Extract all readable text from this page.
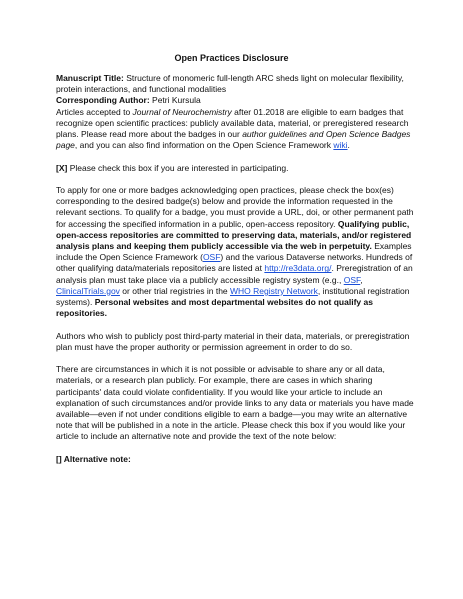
Open Practices Disclosure

Manuscript Title: Structure of monomeric full-length ARC sheds light on molecular flexibility, protein interactions, and functional modalities

Corresponding Author: Petri Kursula

Articles accepted to Journal of Neurochemistry after 01.2018 are eligible to earn badges that recognize open scientific practices: publicly available data, material, or preregistered research plans. Please read more about the badges in our author guidelines and Open Science Badges page, and you can also find information on the Open Science Framework wiki.

[X] Please check this box if you are interested in participating.

To apply for one or more badges acknowledging open practices, please check the box(es) corresponding to the desired badge(s) below and provide the information requested in the relevant sections. To qualify for a badge, you must provide a URL, doi, or other permanent path for accessing the specified information in a public, open-access repository. Qualifying public, open-access repositories are committed to preserving data, materials, and/or registered analysis plans and keeping them publicly accessible via the web in perpetuity. Examples include the Open Science Framework (OSF) and the various Dataverse networks. Hundreds of other qualifying data/materials repositories are listed at http://re3data.org/. Preregistration of an analysis plan must take place via a publicly accessible registry system (e.g., OSF, ClinicalTrials.gov or other trial registries in the WHO Registry Network, institutional registration systems). Personal websites and most departmental websites do not qualify as repositories.

Authors who wish to publicly post third-party material in their data, materials, or preregistration plan must have the proper authority or permission agreement in order to do so.

There are circumstances in which it is not possible or advisable to share any or all data, materials, or a research plan publicly. For example, there are cases in which sharing participants' data could violate confidentiality. If you would like your article to include an explanation of such circumstances and/or provide links to any data or materials you have made available—even if not under conditions eligible to earn a badge—you may write an alternative note that will be published in a note in the article. Please check this box if you would like your article to include an alternative note and provide the text of the note below:

[] Alternative note:
